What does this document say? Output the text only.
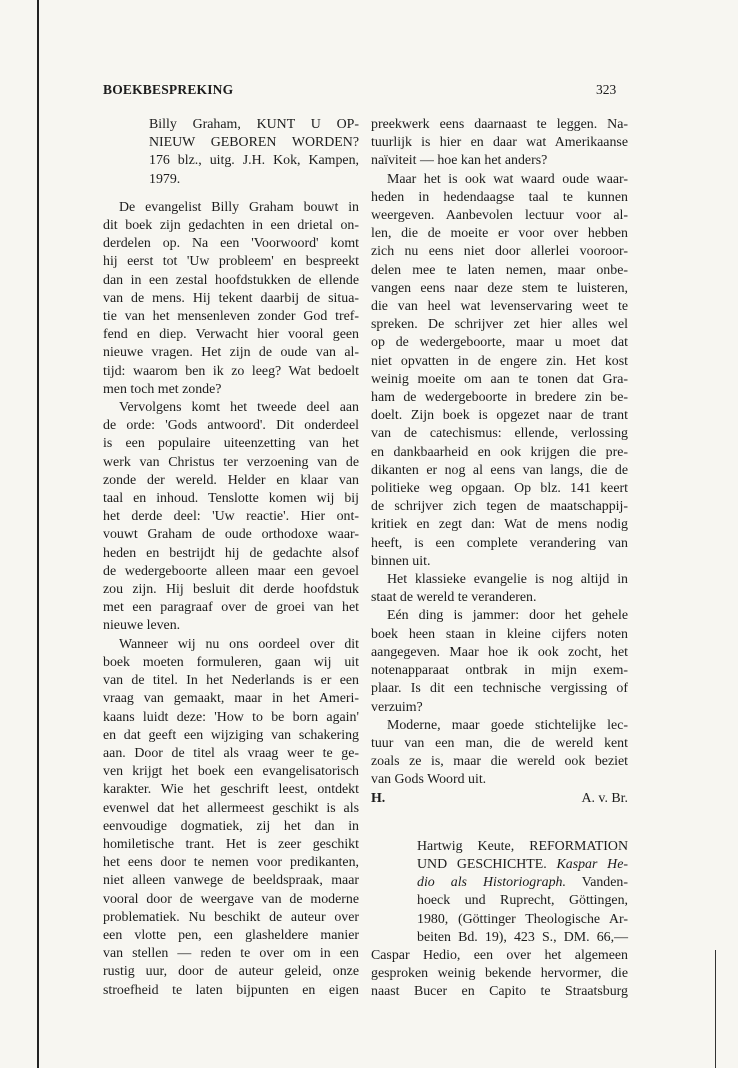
BOEKBESPREKING	323
Billy Graham, KUNT U OP-
NIEUW GEBOREN WORDEN?
176 blz., uitg. J.H. Kok, Kampen,
1979.
De evangelist Billy Graham bouwt in
dit boek zijn gedachten in een drietal on-
derdelen op. Na een 'Voorwoord' komt
hij eerst tot 'Uw probleem' en bespreekt
dan in een zestal hoofdstukken de ellende
van de mens. Hij tekent daarbij de situa-
tie van het mensenleven zonder God tref-
fend en diep. Verwacht hier vooral geen
nieuwe vragen. Het zijn de oude van al-
tijd: waarom ben ik zo leeg? Wat bedoelt
men toch met zonde?
Vervolgens komt het tweede deel aan
de orde: 'Gods antwoord'. Dit onderdeel
is een populaire uiteenzetting van het
werk van Christus ter verzoening van de
zonde der wereld. Helder en klaar van
taal en inhoud. Tenslotte komen wij bij
het derde deel: 'Uw reactie'. Hier ont-
vouwt Graham de oude orthodoxe waar-
heden en bestrijdt hij de gedachte alsof
de wedergeboorte alleen maar een gevoel
zou zijn. Hij besluit dit derde hoofdstuk
met een paragraaf over de groei van het
nieuwe leven.
Wanneer wij nu ons oordeel over dit
boek moeten formuleren, gaan wij uit
van de titel. In het Nederlands is er een
vraag van gemaakt, maar in het Ameri-
kaans luidt deze: 'How to be born again'
en dat geeft een wijziging van schakering
aan. Door de titel als vraag weer te ge-
ven krijgt het boek een evangelisatorisch
karakter. Wie het geschrift leest, ontdekt
evenwel dat het allermeest geschikt is als
eenvoudige dogmatiek, zij het dan in
homiletische trant. Het is zeer geschikt
het eens door te nemen voor predikanten,
niet alleen vanwege de beeldspraak, maar
vooral door de weergave van de moderne
problematiek. Nu beschikt de auteur over
een vlotte pen, een glasheldere manier
van stellen — reden te over om in een
rustig uur, door de auteur geleid, onze
stroefheid te laten bijpunten en eigen
preekwerk eens daarnaast te leggen. Na-
tuurlijk is hier en daar wat Amerikaanse
naïviteit — hoe kan het anders?
Maar het is ook wat waard oude waar-
heden in hedendaagse taal te kunnen
weergeven. Aanbevolen lectuur voor al-
len, die de moeite er voor over hebben
zich nu eens niet door allerlei vooroor-
delen mee te laten nemen, maar onbe-
vangen eens naar deze stem te luisteren,
die van heel wat levenservaring weet te
spreken. De schrijver zet hier alles wel
op de wedergeboorte, maar u moet dat
niet opvatten in de engere zin. Het kost
weinig moeite om aan te tonen dat Gra-
ham de wedergeboorte in bredere zin be-
doelt. Zijn boek is opgezet naar de trant
van de catechismus: ellende, verlossing
en dankbaarheid en ook krijgen die pre-
dikanten er nog al eens van langs, die de
politieke weg opgaan. Op blz. 141 keert
de schrijver zich tegen de maatschappij-
kritiek en zegt dan: Wat de mens nodig
heeft, is een complete verandering van
binnen uit.
Het klassieke evangelie is nog altijd in
staat de wereld te veranderen.
Eén ding is jammer: door het gehele
boek heen staan in kleine cijfers noten
aangegeven. Maar hoe ik ook zocht, het
notenapparaat ontbrak in mijn exem-
plaar. Is dit een technische vergissing of
verzuim?
Moderne, maar goede stichtelijke lec-
tuur van een man, die de wereld kent
zoals ze is, maar die wereld ook beziet
van Gods Woord uit.
H.	A. v. Br.
Hartwig Keute, REFORMATION
UND GESCHICHTE. Kaspar He-
dio als Historiograph. Vanden-
hoeck und Ruprecht, Göttingen,
1980, (Göttinger Theologische Ar-
beiten Bd. 19), 423 S., DM. 66,—
Caspar Hedio, een over het algemeen
gesproken weinig bekende hervormer, die
naast Bucer en Capito te Straatsburg
